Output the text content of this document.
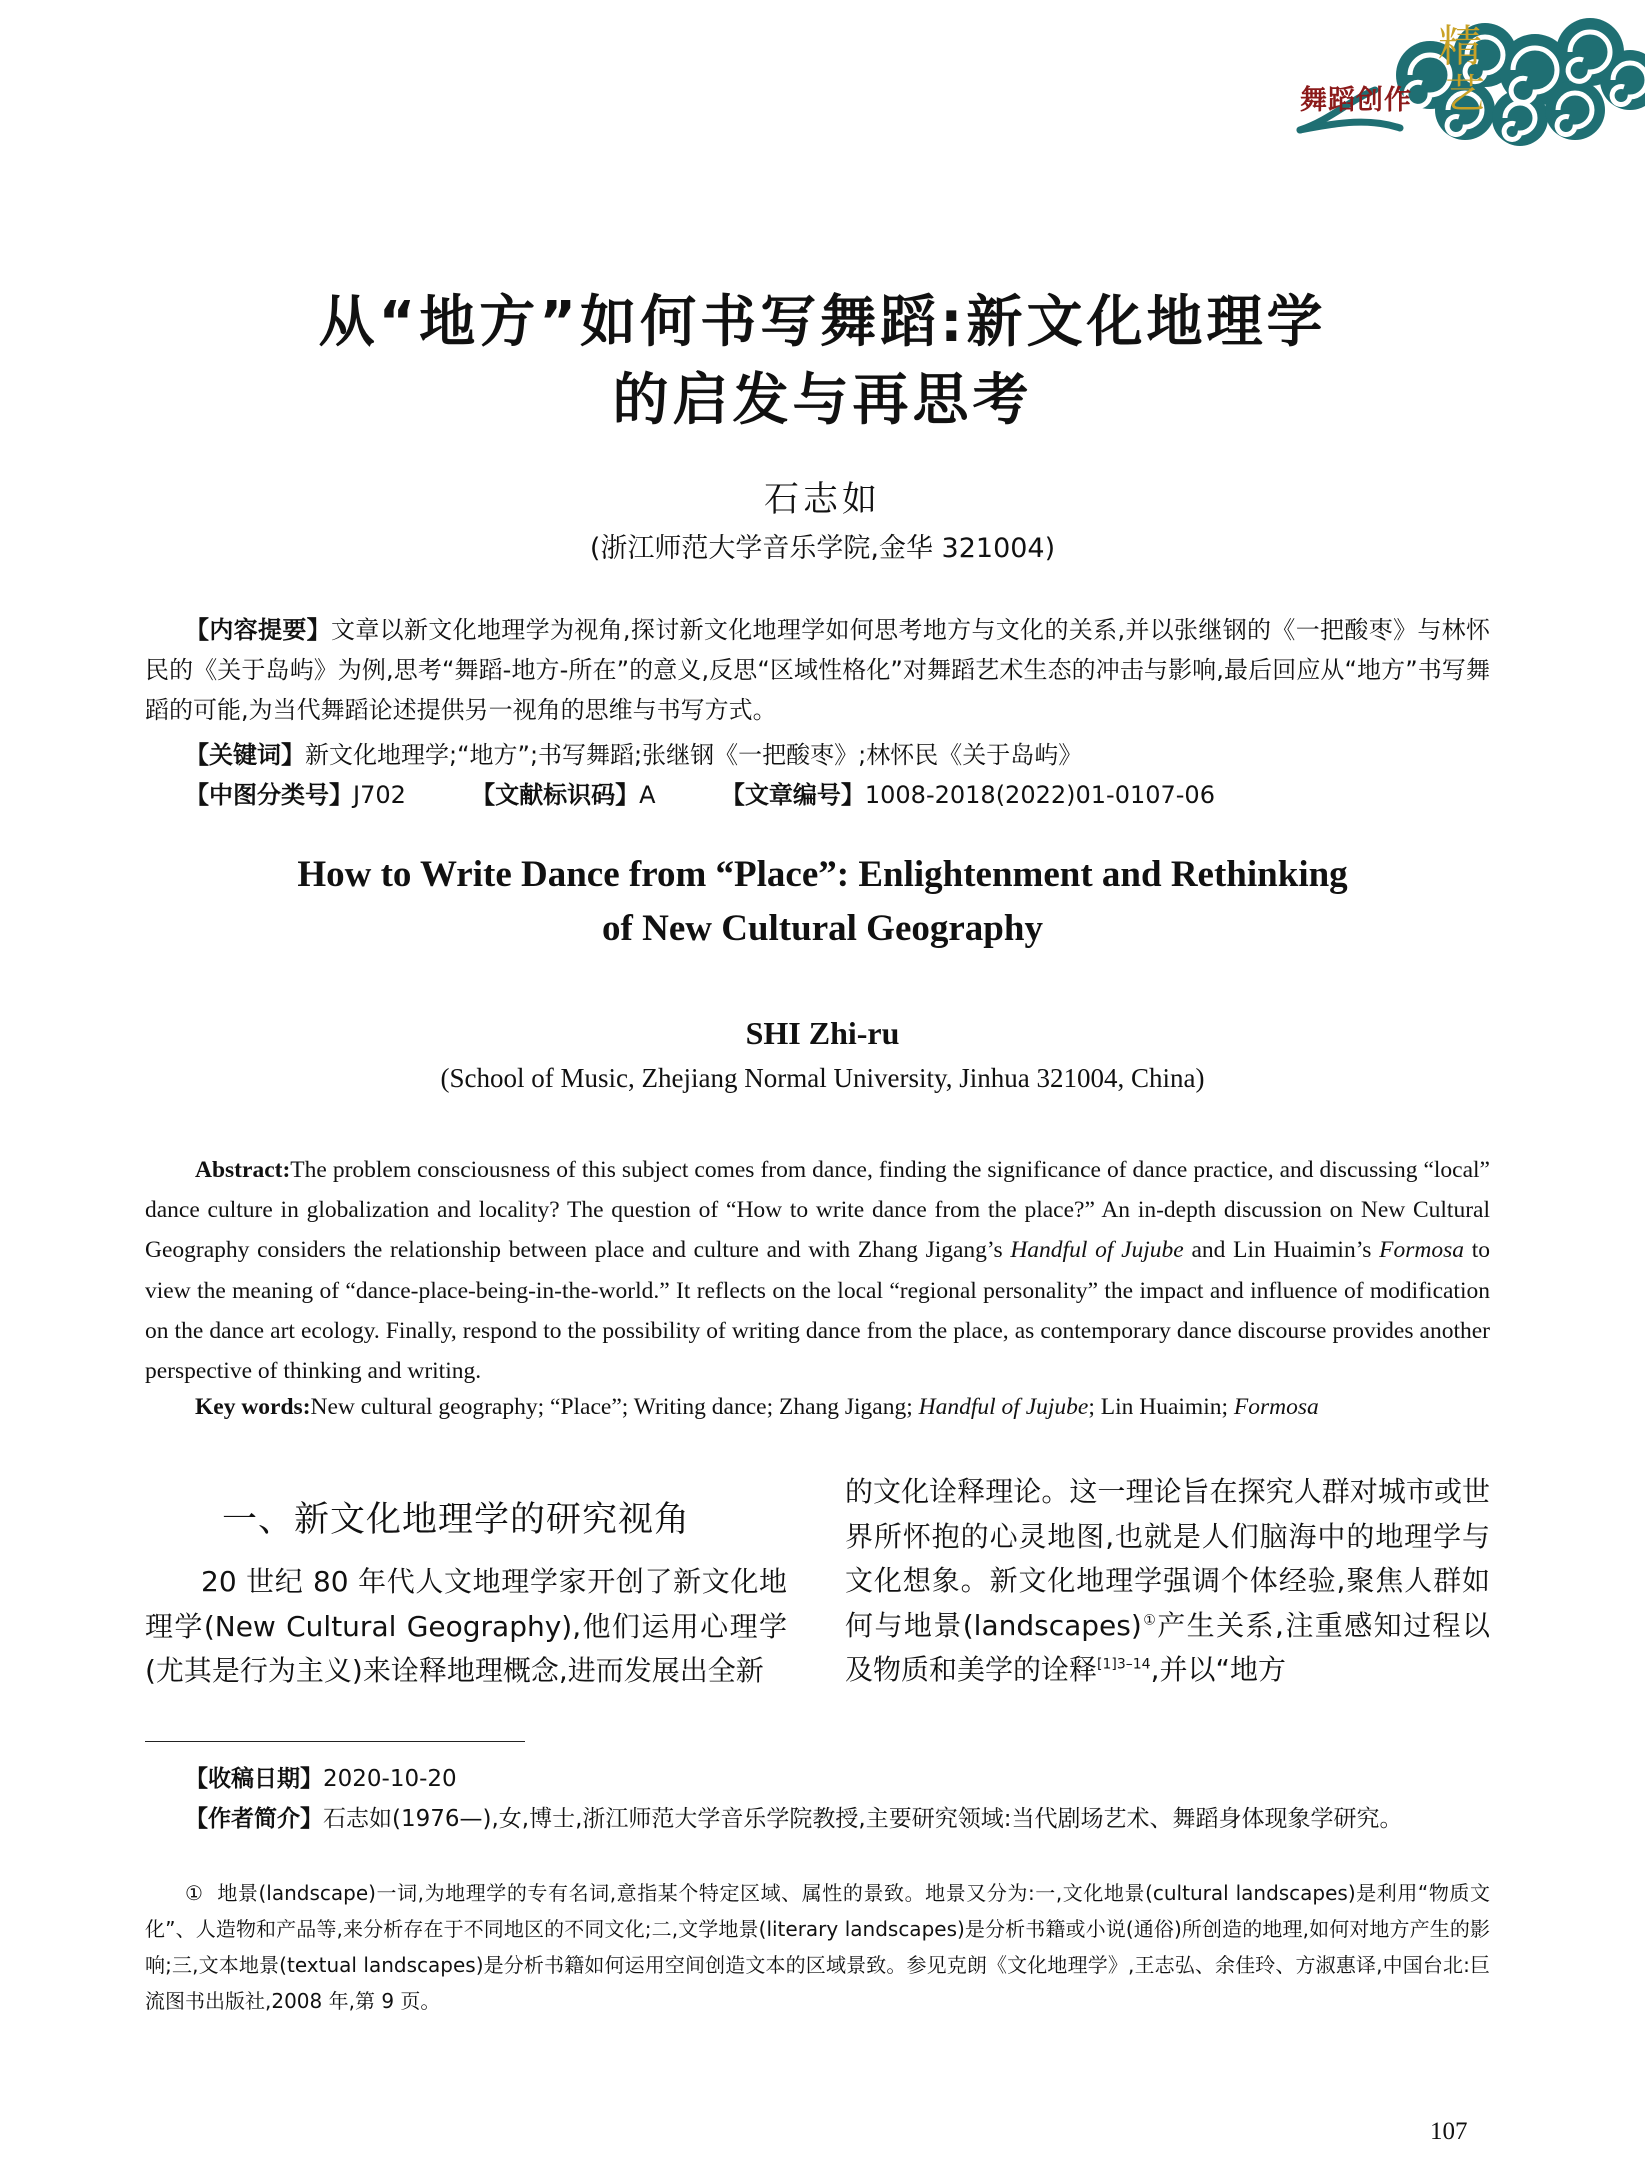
精
艺
舞蹈创作
从“地方”如何书写舞蹈:新文化地理学
的启发与再思考
石志如
(浙江师范大学音乐学院,金华 321004)
【内容提要】文章以新文化地理学为视角,探讨新文化地理学如何思考地方与文化的关系,并以张继钢的《一把酸枣》与林怀民的《关于岛屿》为例,思考“舞蹈-地方-所在”的意义,反思“区域性格化”对舞蹈艺术生态的冲击与影响,最后回应从“地方”书写舞蹈的可能,为当代舞蹈论述提供另一视角的思维与书写方式。
【关键词】新文化地理学;“地方”;书写舞蹈;张继钢《一把酸枣》;林怀民《关于岛屿》
【中图分类号】J702	【文献标识码】A	【文章编号】1008-2018(2022)01-0107-06
How to Write Dance from “Place”: Enlightenment and Rethinking
of New Cultural Geography
SHI Zhi-ru
(School of Music, Zhejiang Normal University, Jinhua 321004, China)
Abstract:The problem consciousness of this subject comes from dance, finding the significance of dance practice, and discussing “local” dance culture in globalization and locality? The question of “How to write dance from the place?” An in-depth discussion on New Cultural Geography considers the relationship between place and culture and with Zhang Jigang’s Handful of Jujube and Lin Huaimin’s Formosa to view the meaning of “dance-place-being-in-the-world.” It reflects on the local “regional personality” the impact and influence of modification on the dance art ecology. Finally, respond to the possibility of writing dance from the place, as contemporary dance discourse provides another perspective of thinking and writing.
Key words:New cultural geography; “Place”; Writing dance; Zhang Jigang; Handful of Jujube; Lin Huaimin; Formosa
一、新文化地理学的研究视角
20 世纪 80 年代人文地理学家开创了新文化地理学(New Cultural Geography),他们运用心理学(尤其是行为主义)来诠释地理概念,进而发展出全新
的文化诠释理论。这一理论旨在探究人群对城市或世界所怀抱的心灵地图,也就是人们脑海中的地理学与文化想象。新文化地理学强调个体经验,聚焦人群如何与地景(landscapes)①产生关系,注重感知过程以及物质和美学的诠释$^{[1]3-14}$,并以“地方
【收稿日期】2020-10-20
【作者简介】石志如(1976—),女,博士,浙江师范大学音乐学院教授,主要研究领域:当代剧场艺术、舞蹈身体现象学研究。
① 地景(landscape)一词,为地理学的专有名词,意指某个特定区域、属性的景致。地景又分为:一,文化地景(cultural landscapes)是利用“物质文化”、人造物和产品等,来分析存在于不同地区的不同文化;二,文学地景(literary landscapes)是分析书籍或小说(通俗)所创造的地理,如何对地方产生的影响;三,文本地景(textual landscapes)是分析书籍如何运用空间创造文本的区域景致。参见克朗《文化地理学》,王志弘、余佳玲、方淑惠译,中国台北:巨流图书出版社,2008 年,第 9 页。
107
